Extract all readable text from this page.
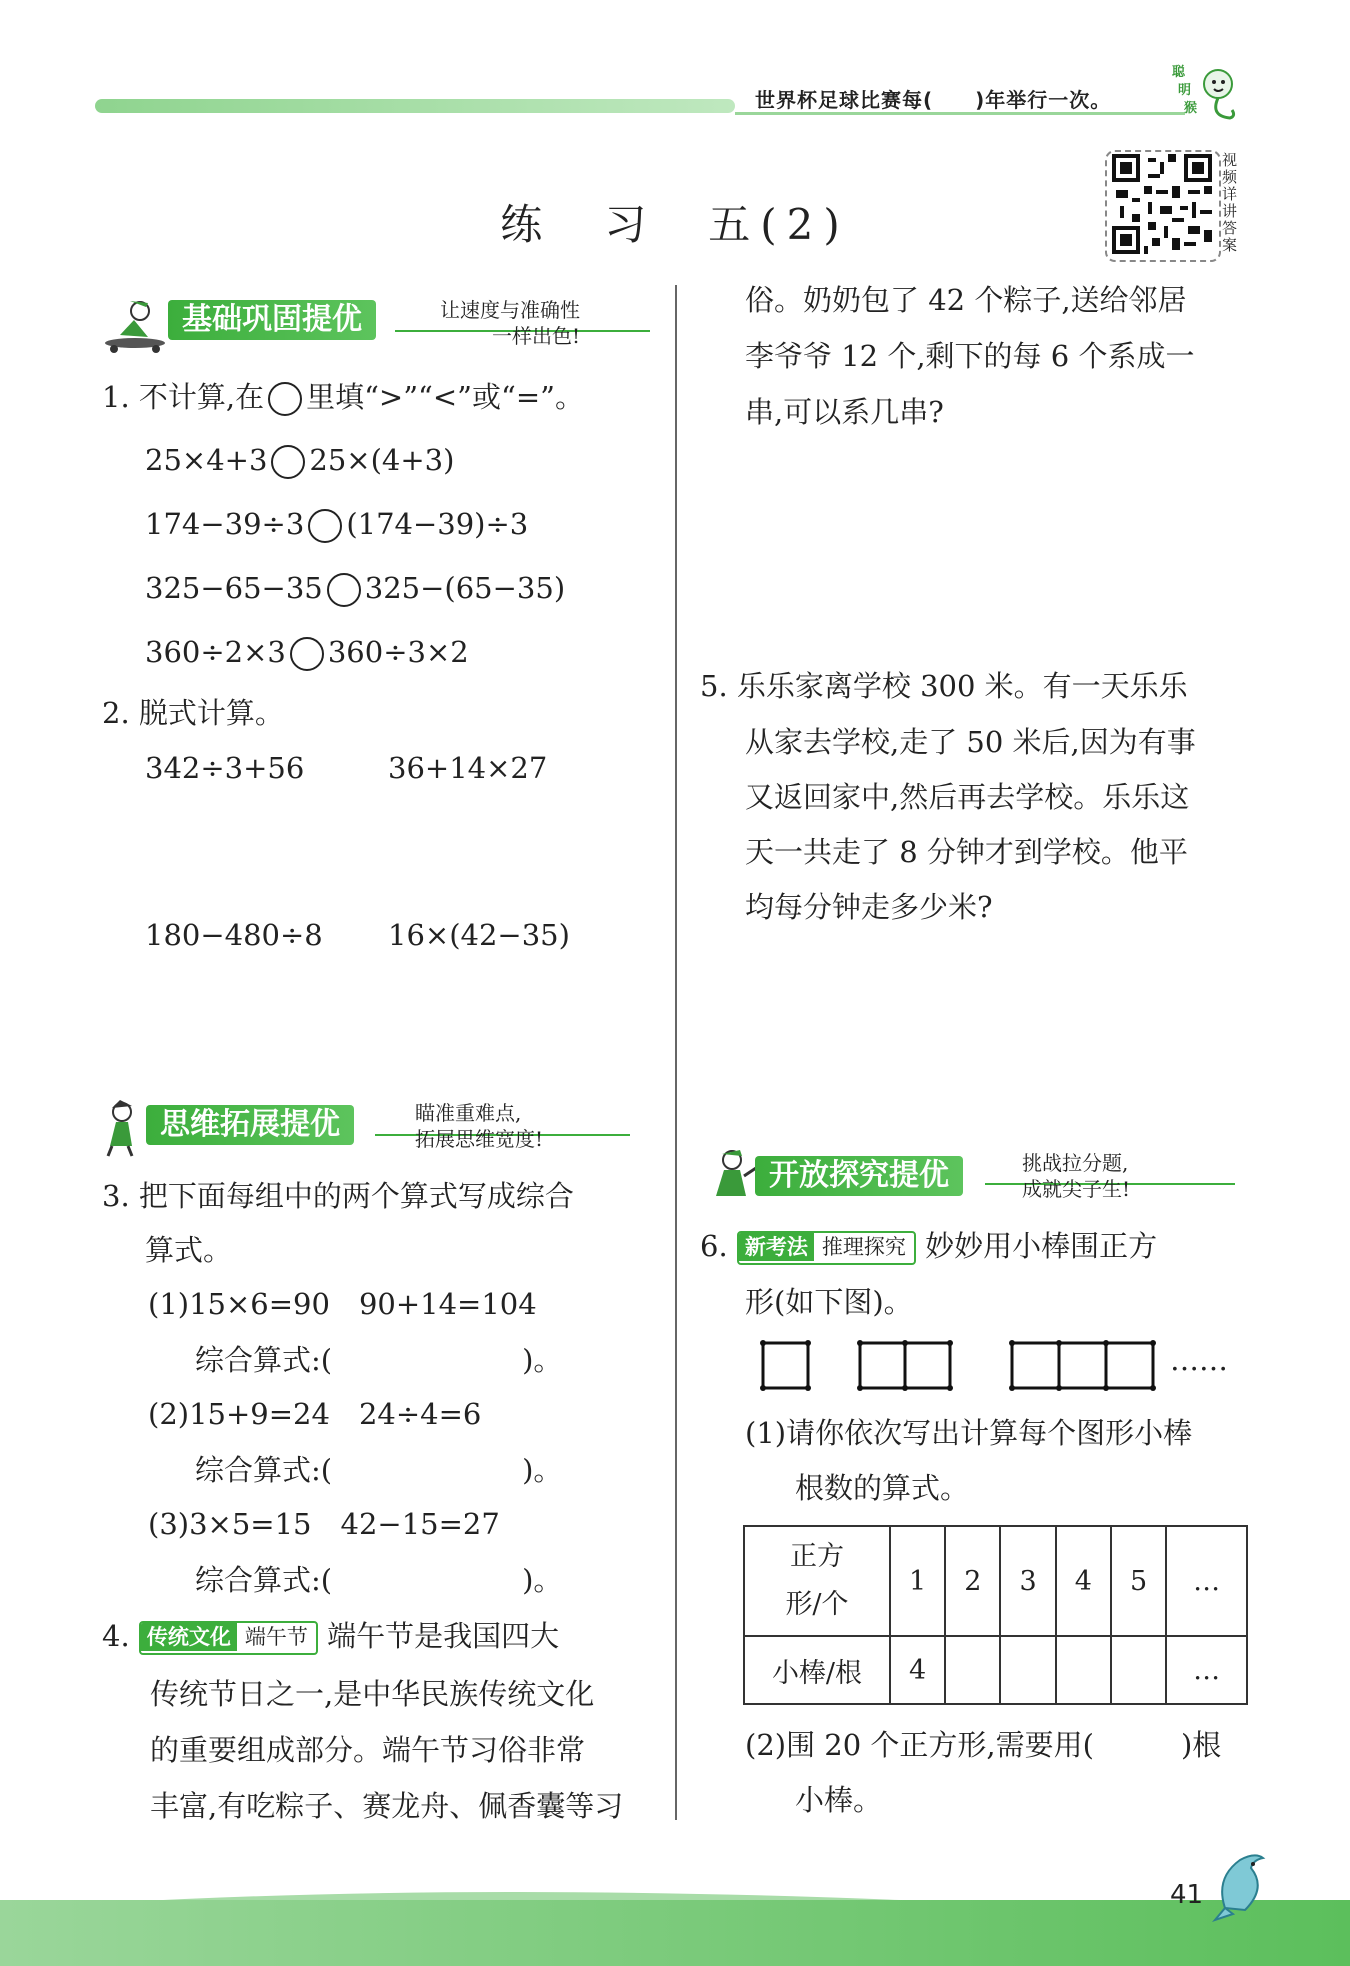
世界杯足球比赛每(　　)年举行一次。
聪
明
猴
视频详讲答案
练　习　五(2)
基础巩固提优	让速度与准确性
一样出色!
1. 不计算,在 里填“>”“<”或“=”。
25×4+3 25×(4+3)
174−39÷3 (174−39)÷3
325−65−35 325−(65−35)
360÷2×3 360÷3×2
2. 脱式计算。
342÷3+56	36+14×27
180−480÷8 16×(42−35)
思维拓展提优	瞄准重难点,
拓展思维宽度!
3. 把下面每组中的两个算式写成综合
算式。
(1)15×6=90　 90+14=104
综合算式:(	)。
(2)15+9=24　 24÷4=6
综合算式:(	)。
(3)3×5=15　 42−15=27
综合算式:(	)。
4. 传统文化 端午节 端午节是我国四大
传统节日之一,是中华民族传统文化
的重要组成部分。端午节习俗非常
丰富,有吃粽子、赛龙舟、佩香囊等习
俗。奶奶包了 42 个粽子,送给邻居
李爷爷 12 个,剩下的每 6 个系成一
串,可以系几串?
5. 乐乐家离学校 300 米。有一天乐乐
从家去学校,走了 50 米后,因为有事
又返回家中,然后再去学校。乐乐这
天一共走了 8 分钟才到学校。他平
均每分钟走多少米?
开放探究提优	挑战拉分题,
成就尖子生!
6. 新考法 推理探究 妙妙用小棒围正方
形(如下图)。
……
(1)请你依次写出计算每个图形小棒
根数的算式。
正方
形/个	1	2	3	4	5	…
小棒/根	4					…
(2)围 20 个正方形,需要用(　　　)根
小棒。
41
